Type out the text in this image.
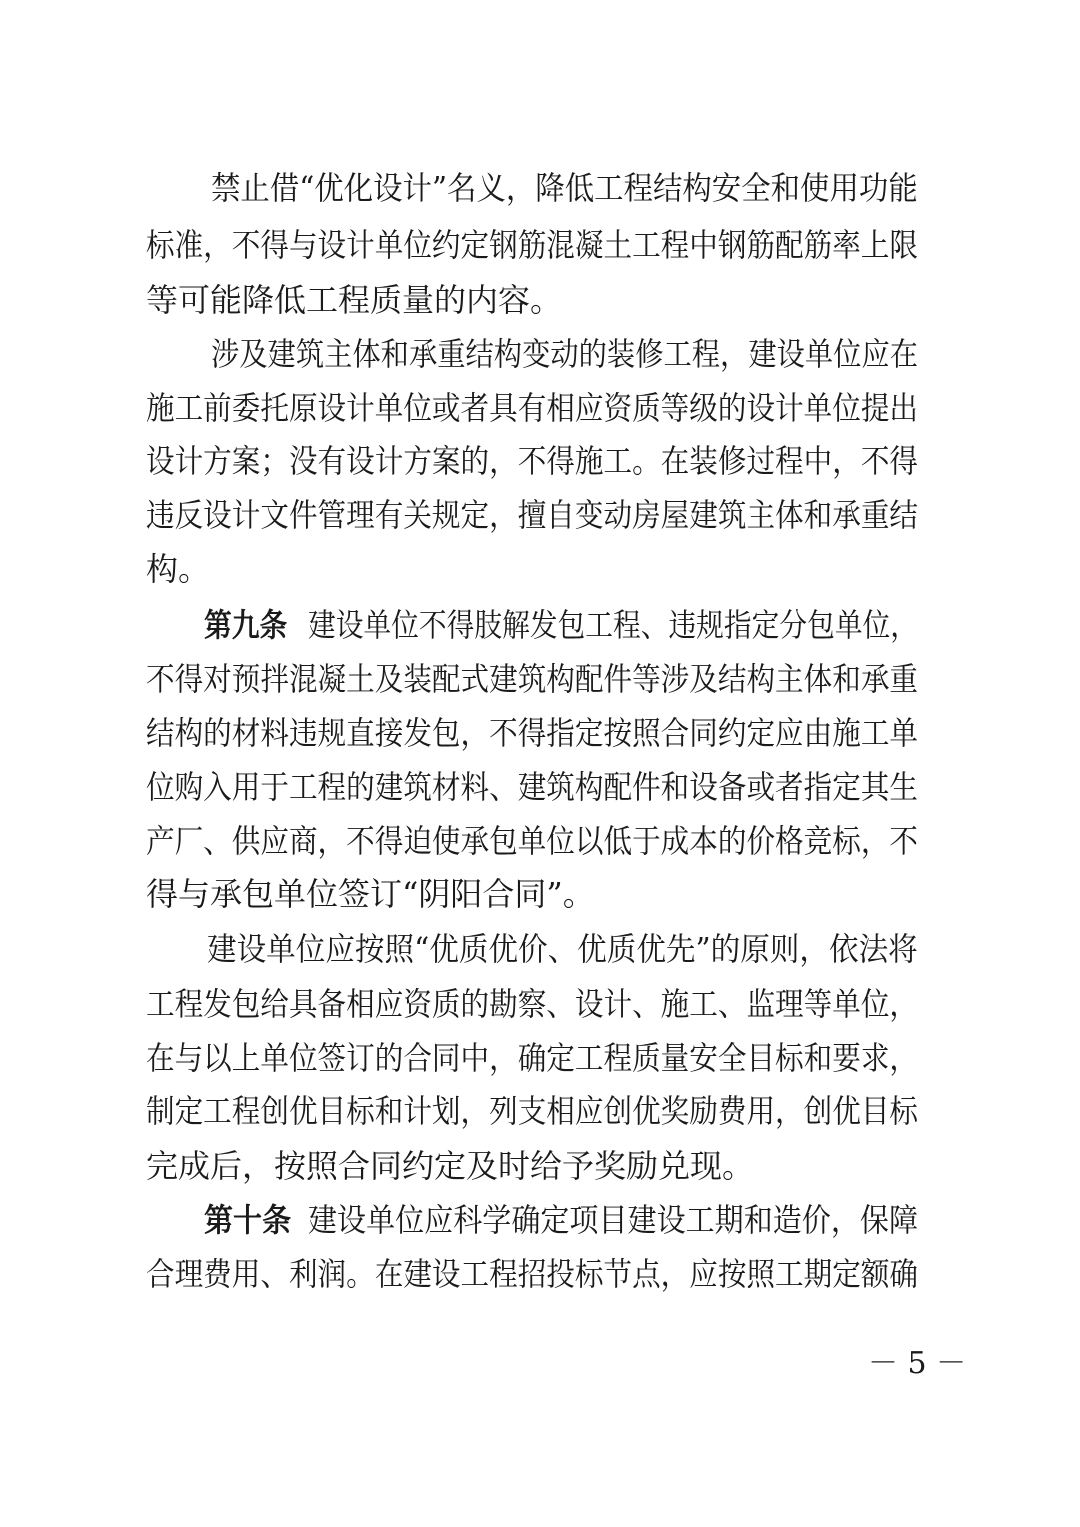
禁止借“优化设计”名义，降低工程结构安全和使用功能
标准，不得与设计单位约定钢筋混凝土工程中钢筋配筋率上限
等可能降低工程质量的内容。
涉及建筑主体和承重结构变动的装修工程，建设单位应在
施工前委托原设计单位或者具有相应资质等级的设计单位提出
设计方案；没有设计方案的，不得施工。在装修过程中，不得
违反设计文件管理有关规定，擅自变动房屋建筑主体和承重结
构。
第九条 建设单位不得肢解发包工程、违规指定分包单位，
不得对预拌混凝土及装配式建筑构配件等涉及结构主体和承重
结构的材料违规直接发包，不得指定按照合同约定应由施工单
位购入用于工程的建筑材料、建筑构配件和设备或者指定其生
产厂、供应商，不得迫使承包单位以低于成本的价格竞标，不
得与承包单位签订“阴阳合同”。
建设单位应按照“优质优价、优质优先”的原则，依法将
工程发包给具备相应资质的勘察、设计、施工、监理等单位，
在与以上单位签订的合同中，确定工程质量安全目标和要求，
制定工程创优目标和计划，列支相应创优奖励费用，创优目标
完成后，按照合同约定及时给予奖励兑现。
第十条 建设单位应科学确定项目建设工期和造价，保障
合理费用、利润。在建设工程招投标节点，应按照工期定额确
－ 5 －
